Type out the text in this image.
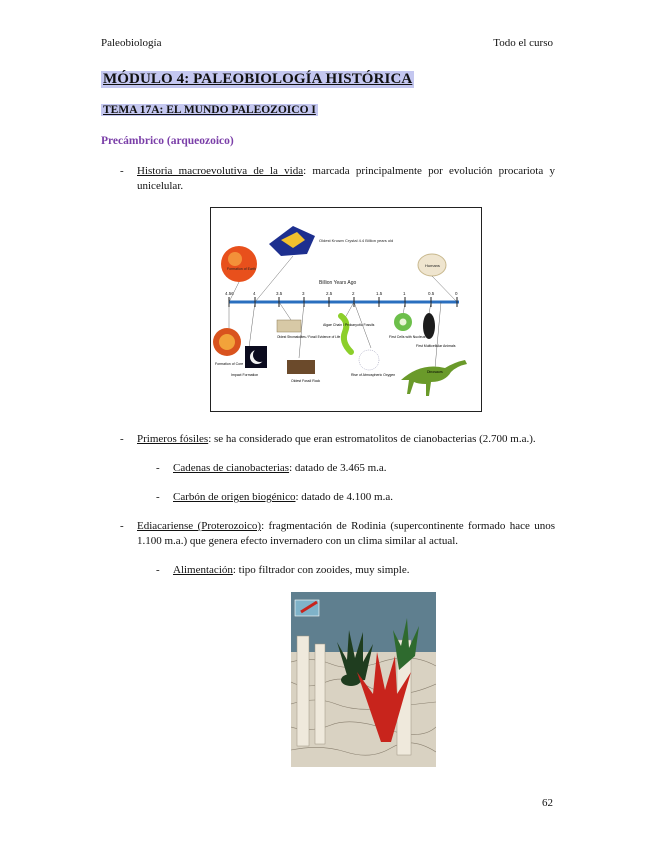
Paleobiología	Todo el curso
MÓDULO 4: PALEOBIOLOGÍA HISTÓRICA
TEMA 17A: EL MUNDO PALEOZOICO I
Precámbrico (arqueozoico)
- Historia macroevolutiva de la vida: marcada principalmente por evolución procariota y unicelular.
4.56	4	3.5	3	2.5	2	1.5	1	0.5	0
Billion Years Ago
Oldest Known Crystal 4.4 Billion years old
Formation of Earth
Humans
Formation of Core
Impact Formation
Oldest Stromatolites / Fossil Evidence of Life
Oldest Fossil Rock
Algae Chain / Prokaryotic Fossils
Rise of Atmospheric Oxygen
First Cells with Nucleus
First Multicellular Animals
Dinosaurs
- Primeros fósiles: se ha considerado que eran estromatolitos de cianobacterias (2.700 m.a.).
- Cadenas de cianobacterias: datado de 3.465 m.a.
- Carbón de origen biogénico: datado de 4.100 m.a.
- Ediacariense (Proterozoico): fragmentación de Rodinia (supercontinente formado hace unos 1.100 m.a.) que genera efecto invernadero con un clima similar al actual.
- Alimentación: tipo filtrador con zooides, muy simple.
62
